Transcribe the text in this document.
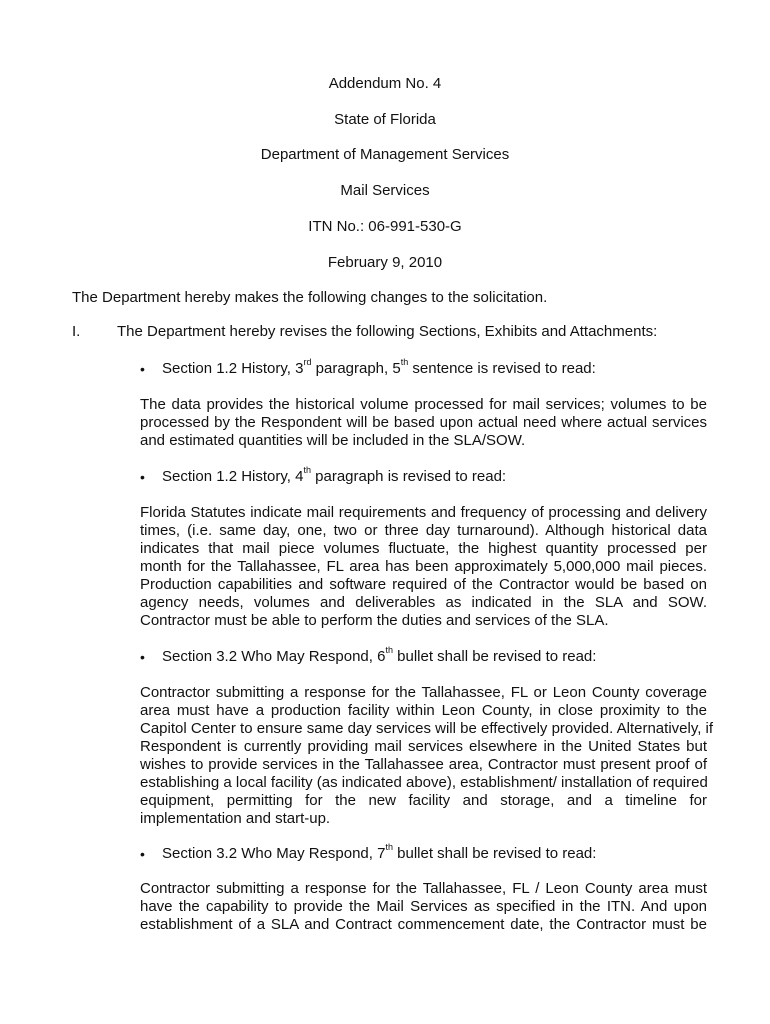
Addendum No. 4
State of Florida
Department of Management Services
Mail Services
ITN No.: 06-991-530-G
February 9, 2010
The Department hereby makes the following changes to the solicitation.
I. The Department hereby revises the following Sections, Exhibits and Attachments:
• Section 1.2 History, 3rd paragraph, 5th sentence is revised to read:
The data provides the historical volume processed for mail services; volumes to be
processed by the Respondent will be based upon actual need where actual services
and estimated quantities will be included in the SLA/SOW.
• Section 1.2 History, 4th paragraph is revised to read:
Florida Statutes indicate mail requirements and frequency of processing and delivery
times, (i.e. same day, one, two or three day turnaround). Although historical data
indicates that mail piece volumes fluctuate, the highest quantity processed per
month for the Tallahassee, FL area has been approximately 5,000,000 mail pieces.
Production capabilities and software required of the Contractor would be based on
agency needs, volumes and deliverables as indicated in the SLA and SOW.
Contractor must be able to perform the duties and services of the SLA.
• Section 3.2 Who May Respond, 6th bullet shall be revised to read:
Contractor submitting a response for the Tallahassee, FL or Leon County coverage
area must have a production facility within Leon County, in close proximity to the
Capitol Center to ensure same day services will be effectively provided. Alternatively, if
Respondent is currently providing mail services elsewhere in the United States but
wishes to provide services in the Tallahassee area, Contractor must present proof of
establishing a local facility (as indicated above), establishment/ installation of required
equipment, permitting for the new facility and storage, and a timeline for
implementation and start-up.
• Section 3.2 Who May Respond, 7th bullet shall be revised to read:
Contractor submitting a response for the Tallahassee, FL / Leon County area must
have the capability to provide the Mail Services as specified in the ITN. And upon
establishment of a SLA and Contract commencement date, the Contractor must be
